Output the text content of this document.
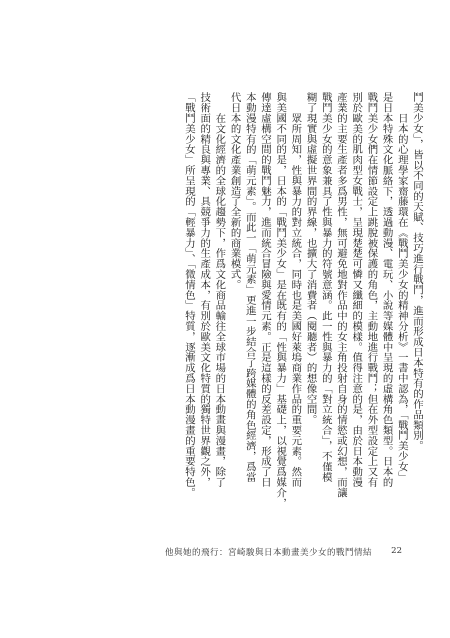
鬥美少女」，皆以不同的天賦、技巧進行戰鬥，進而形成日本特有的作品類別。

　　日本的心理學家齋藤環在《戰鬥美少女的精神分析》一書中認為，「戰鬥美少女」

是日本特殊文化脈絡下，透過動漫、電玩、小說等媒體中呈現的虛構角色類型。日本的

戰鬥美少女們在情節設定上跳脫被保護的角色，主動地進行戰鬥；但在外型設定上又有

別於歐美的肌肉型女戰士，呈現楚楚可憐又纖細的模樣。值得注意的是，由於日本動漫

產業的主要生產者多爲男性，無可避免地對作品中的女主角投射自身的情慾或幻想，而讓

戰鬥美少女的意象兼具了性與暴力的符號意涵。此一性與暴力的「對立統合」，不僅模

糊了現實與虛擬世界間的界線，也擴大了消費者（閱聽者）的想像空間。

　　眾所周知，性與暴力的對立統合，同時也是美國好萊塢商業作品的重要元素。然而

與美國不同的是，日本的「戰鬥美少女」是在既有的「性與暴力」基礎上，以視覺爲媒介，

傳達虛構空間的戰鬥魅力，進而統合冒險與愛情元素。正是這樣的反差設定，形成了日

本動漫特有的「萌元素」。而此一「萌元素」更進一步結合了跨媒體的角色經濟，爲當

代日本的文化產業創造了全新的商業模式。

　　在文化經濟的全球化趨勢下，作爲文化商品輸往全球市場的日本動畫與漫畫，除了

技術面的精良與專業、具競爭力的生產成本，有別於歐美文化特質的獨特世界觀之外，

「戰鬥美少女」所呈現的「輕暴力」、「微情色」特質，逐漸成爲日本動漫畫的重要特色。

他與她的飛行：宮崎駿與日本動畫美少女的戰鬥情結 22
